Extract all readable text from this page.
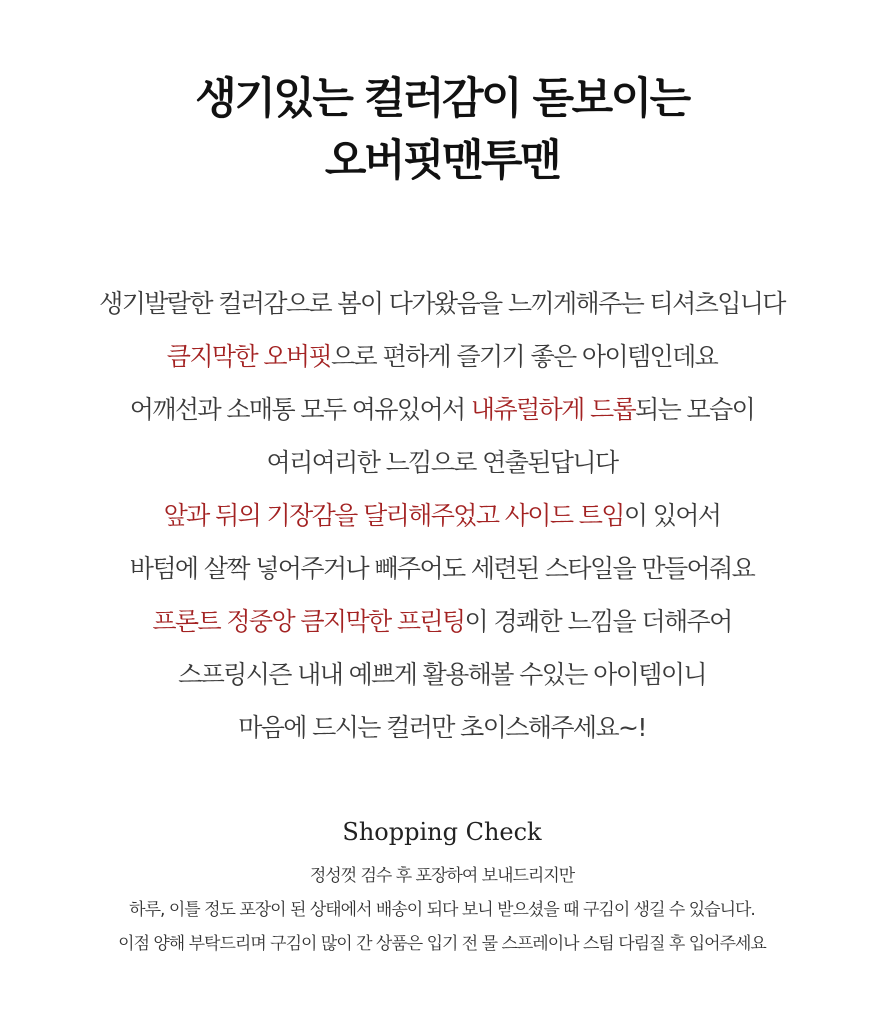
생기있는 컬러감이 돋보이는
오버핏맨투맨
생기발랄한 컬러감으로 봄이 다가왔음을 느끼게해주는 티셔츠입니다
큼지막한 오버핏으로 편하게 즐기기 좋은 아이템인데요
어깨선과 소매통 모두 여유있어서 내츄럴하게 드롭되는 모습이
여리여리한 느낌으로 연출된답니다
앞과 뒤의 기장감을 달리해주었고 사이드 트임이 있어서
바텀에 살짝 넣어주거나 빼주어도 세련된 스타일을 만들어줘요
프론트 정중앙 큼지막한 프린팅이 경쾌한 느낌을 더해주어
스프링시즌 내내 예쁘게 활용해볼 수있는 아이템이니
마음에 드시는 컬러만 초이스해주세요~!
Shopping Check
정성껏 검수 후 포장하여 보내드리지만
하루, 이틀 정도 포장이 된 상태에서 배송이 되다 보니 받으셨을 때 구김이 생길 수 있습니다.
이점 양해 부탁드리며 구김이 많이 간 상품은 입기 전 물 스프레이나 스팀 다림질 후 입어주세요
